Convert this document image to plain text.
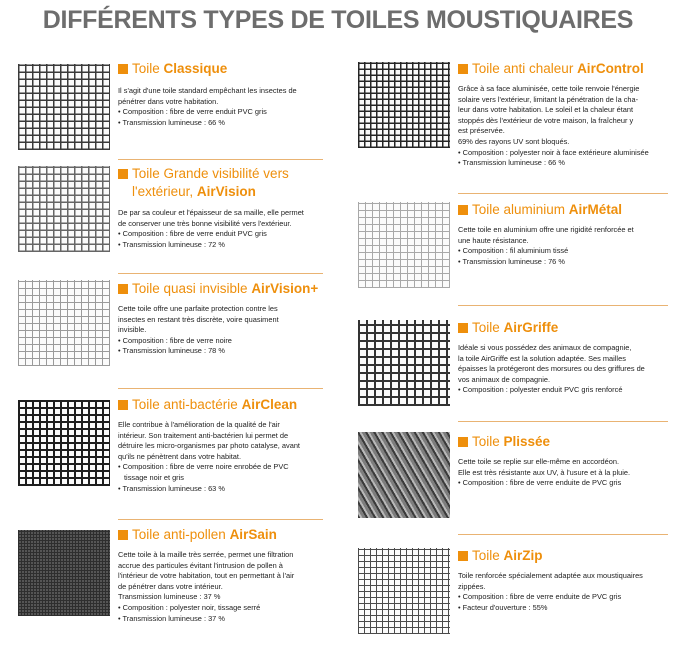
DIFFÉRENTS TYPES DE TOILES MOUSTIQUAIRES
Toile Classique
Il s'agit d'une toile standard empêchant les insectes de
pénétrer dans votre habitation.
• Composition : fibre de verre enduit PVC gris
• Transmission lumineuse : 66 %
Toile Grande visibilité vers
l'extérieur, AirVision
De par sa couleur et l'épaisseur de sa maille, elle permet
de conserver une très bonne visibilité vers l'extérieur.
• Composition : fibre de verre enduit PVC gris
• Transmission lumineuse : 72 %
Toile quasi invisible AirVision+
Cette toile offre une parfaite protection contre les
insectes en restant très discrète, voire quasiment
invisible.
• Composition : fibre de verre noire
• Transmission lumineuse : 78 %
Toile anti-bactérie AirClean
Elle contribue à l'amélioration de la qualité de l'air
intérieur. Son traitement anti-bactérien lui permet de
détruire les micro-organismes par photo catalyse, avant
qu'ils ne pénètrent dans votre habitat.
• Composition : fibre de verre noire enrobée de PVC
tissage noir et gris
• Transmission lumineuse : 63 %
Toile anti-pollen AirSain
Cette toile à la maille très serrée, permet une filtration
accrue des particules évitant l'intrusion de pollen à
l'intérieur de votre habitation, tout en permettant à l'air
de pénétrer dans votre intérieur.
Transmission lumineuse : 37 %
• Composition : polyester noir, tissage serré
• Transmission lumineuse : 37 %
Toile anti chaleur AirControl
Grâce à sa face aluminisée, cette toile renvoie l'énergie
solaire vers l'extérieur, limitant la pénétration de la cha-
leur dans votre habitation. Le soleil et la chaleur étant
stoppés dès l'extérieur de votre maison, la fraîcheur y
est préservée.
69% des rayons UV sont bloqués.
• Composition : polyester noir à face extérieure aluminisée
• Transmission lumineuse : 66 %
Toile aluminium AirMétal
Cette toile en aluminium offre une rigidité renforcée et
une haute résistance.
• Composition : fil aluminium tissé
• Transmission lumineuse : 76 %
Toile AirGriffe
Idéale si vous possédez des animaux de compagnie,
la toile AirGriffe est la solution adaptée. Ses mailles
épaisses la protégeront des morsures ou des griffures de
vos animaux de compagnie.
• Composition : polyester enduit PVC gris renforcé
Toile Plissée
Cette toile se replie sur elle-même en accordéon.
Elle est très résistante aux UV, à l'usure et à la pluie.
• Composition : fibre de verre enduite de PVC gris
Toile AirZip
Toile renforcée spécialement adaptée aux moustiquaires
zippées.
• Composition : fibre de verre enduite de PVC gris
• Facteur d'ouverture : 55%
